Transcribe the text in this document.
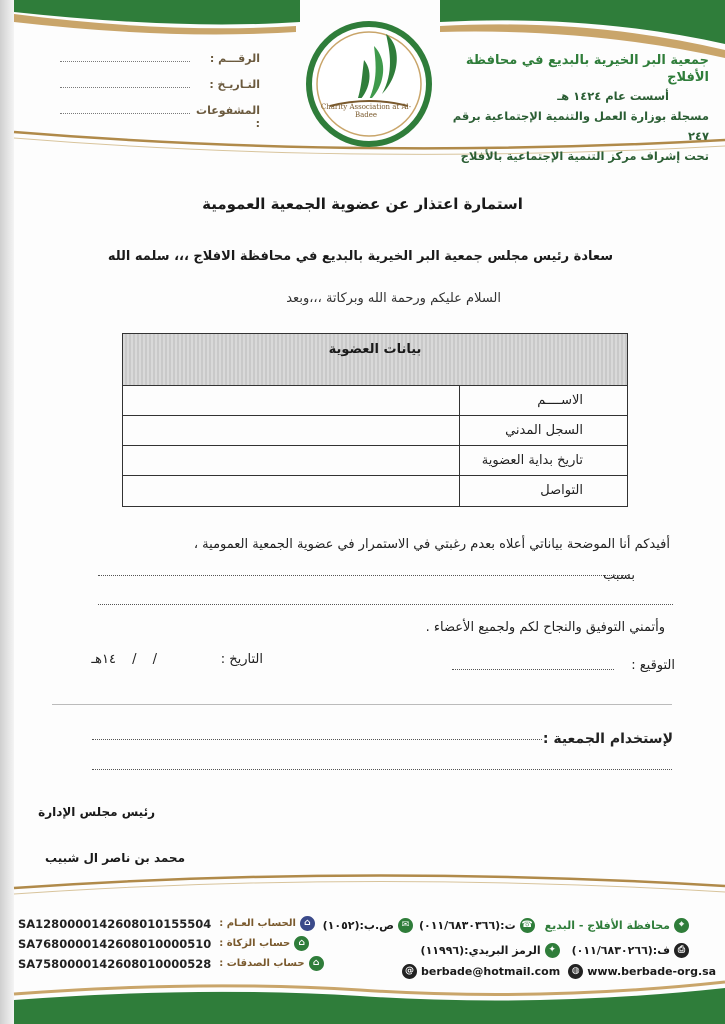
جمعية البر الخيرية بالبديع في محافظة الأفلاج
أسست عام ١٤٢٤ هـ
مسجلة بوزارة العمل والتنمية الإجتماعية برقم ٢٤٧
تحت إشراف مركز التنمية الإجتماعية بالأفلاج
الرقـــم :
التـاريـخ :
المشفوعات :
Charity Association at Al-Badee
استمارة اعتذار عن عضوية الجمعية العمومية
سعادة رئيس مجلس جمعية البر الخيرية بالبديع في محافظة الافلاج ،،، سلمه الله
السلام عليكم ورحمة الله وبركاتة ،،،وبعد
بيانات العضوية
الاســــم
السجل المدني
تاريخ بداية العضوية
التواصل
أفيدكم أنا الموضحة بياناتي أعلاه بعدم رغبتي في الاستمرار في عضوية الجمعية العمومية ،
بسبب
وأتمني التوفيق والنجاح لكم ولجميع الأعضاء .
التوقيع :
التاريخ :
/ / ١٤هـ
لإستخدام الجمعية :
رئيس مجلس الإدارة
محمد بن ناصر ال شبيب
⌖
محافظة الأفلاج - البديع
☎
ت:(٠١١/٦٨٣٠٣٦٦)
✉
ص.ب:(١٠٥٢)
⎙
ف:(٠١١/٦٨٣٠٢٦٦)
✦
الرمز البريدي:(١١٩٩٦)
@ berbade@hotmail.com	◍ www.berbade-org.sa
SA1280000142608010155504 الحساب العـام : ⌂
SA7680000142608010000510 حساب الزكاة : ⌂
SA7580000142608010000528 حساب الصدقات : ⌂
